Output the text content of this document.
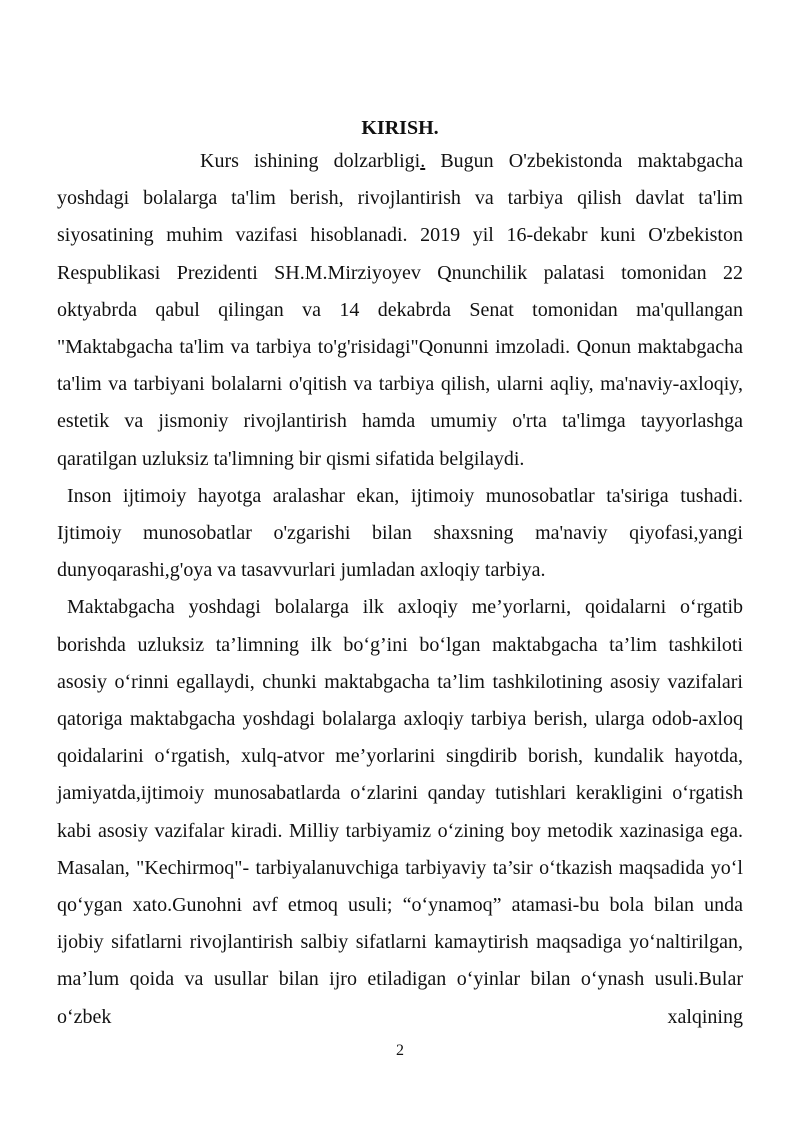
KIRISH.

Kurs ishining dolzarbligi. Bugun O'zbekistonda maktabgacha yoshdagi bolalarga ta'lim berish, rivojlantirish va tarbiya qilish davlat ta'lim siyosatining muhim vazifasi hisoblanadi. 2019 yil 16-dekabr kuni O'zbekiston Respublikasi Prezidenti SH.M.Mirziyoyev Qnunchilik palatasi tomonidan 22 oktyabrda qabul qilingan va 14 dekabrda Senat tomonidan ma'qullangan "Maktabgacha ta'lim va tarbiya to'g'risidagi"Qonunni imzoladi. Qonun maktabgacha ta'lim va tarbiyani bolalarni o'qitish va tarbiya qilish, ularni aqliy, ma'naviy-axloqiy, estetik va jismoniy rivojlantirish hamda umumiy o'rta ta'limga tayyorlashga qaratilgan uzluksiz ta'limning bir qismi sifatida belgilaydi.

Inson ijtimoiy hayotga aralashar ekan, ijtimoiy munosobatlar ta'siriga tushadi. Ijtimoiy munosobatlar o'zgarishi bilan shaxsning ma'naviy qiyofasi,yangi dunyoqarashi,g'oya va tasavvurlari jumladan axloqiy tarbiya.

Maktabgacha yoshdagi bolalarga ilk axloqiy me’yorlarni, qoidalarni o‘rgatib borishda uzluksiz ta’limning ilk bo‘g’ini bo‘lgan maktabgacha ta’lim tashkiloti asosiy o‘rinni egallaydi, chunki maktabgacha ta’lim tashkilotining asosiy vazifalari qatoriga maktabgacha yoshdagi bolalarga axloqiy tarbiya berish, ularga odob-axloq qoidalarini o‘rgatish, xulq-atvor me’yorlarini singdirib borish, kundalik hayotda, jamiyatda,ijtimoiy munosabatlarda o‘zlarini qanday tutishlari kerakligini o‘rgatish kabi asosiy vazifalar kiradi. Milliy tarbiyamiz o‘zining boy metodik xazinasiga ega. Masalan, "Kechirmoq"- tarbiyalanuvchiga tarbiyaviy ta’sir o‘tkazish maqsadida yo‘l qo‘ygan xato.Gunohni avf etmoq usuli; “o‘ynamoq” atamasi-bu bola bilan unda ijobiy sifatlarni rivojlantirish salbiy sifatlarni kamaytirish maqsadiga yo‘naltirilgan, ma’lum qoida va usullar bilan ijro etiladigan o‘yinlar bilan o‘ynash usuli.Bular o‘zbek xalqining

2
